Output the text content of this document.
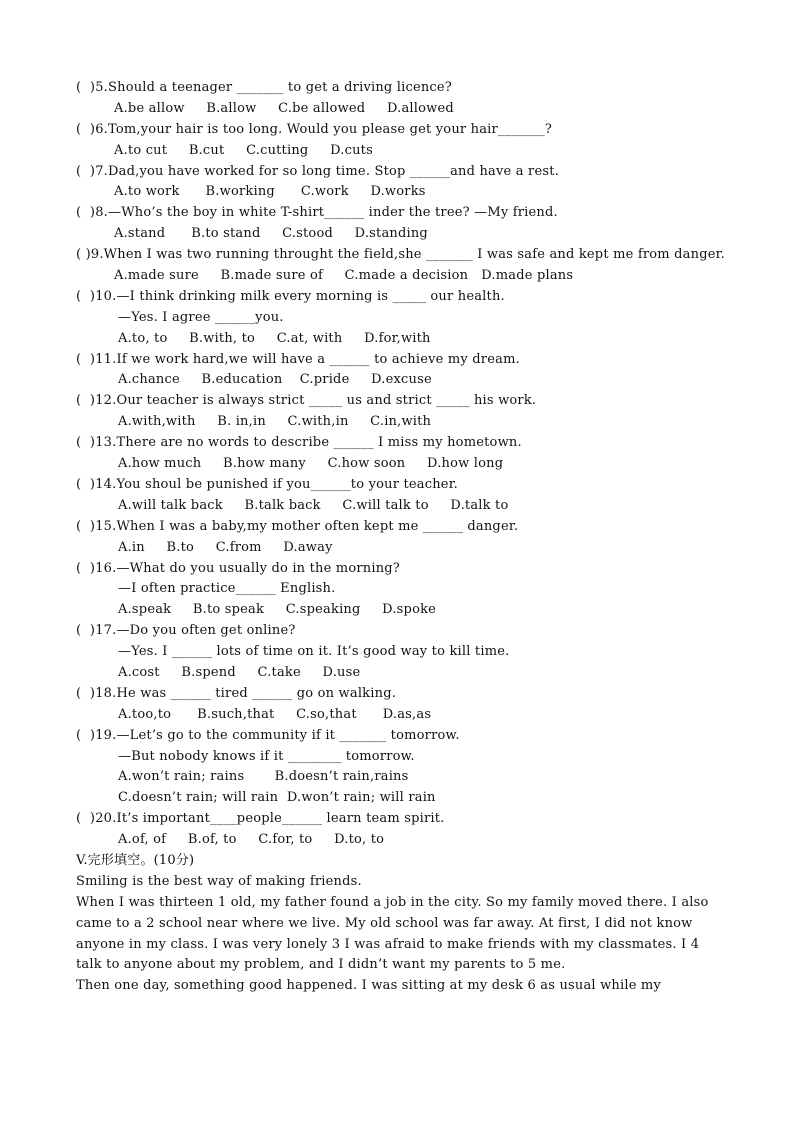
(  )5.Should a teenager _______ to get a driving licence?
A.be allow     B.allow     C.be allowed     D.allowed
(  )6.Tom,your hair is too long. Would you please get your hair_______?
A.to cut     B.cut     C.cutting     D.cuts
(  )7.Dad,you have worked for so long time. Stop ______and have a rest.
A.to work      B.working      C.work     D.works
(  )8.—Who’s the boy in white T-shirt______ inder the tree? —My friend.
A.stand      B.to stand     C.stood     D.standing
( )9.When I was two running throught the field,she _______ I was safe and kept me from danger.
A.made sure     B.made sure of     C.made a decision   D.made plans
(  )10.—I think drinking milk every morning is _____ our health.
—Yes. I agree ______you.
A.to, to     B.with, to     C.at, with     D.for,with
(  )11.If we work hard,we will have a ______ to achieve my dream.
A.chance     B.education    C.pride     D.excuse
(  )12.Our teacher is always strict _____ us and strict _____ his work.
A.with,with     B. in,in     C.with,in     C.in,with
(  )13.There are no words to describe ______ I miss my hometown.
A.how much     B.how many     C.how soon     D.how long
(  )14.You shoul be punished if you______to your teacher.
A.will talk back     B.talk back     C.will talk to     D.talk to
(  )15.When I was a baby,my mother often kept me ______ danger.
A.in     B.to     C.from     D.away
(  )16.—What do you usually do in the morning?
—I often practice______ English.
A.speak     B.to speak     C.speaking     D.spoke
(  )17.—Do you often get online?
—Yes. I ______ lots of time on it. It’s good way to kill time.
A.cost     B.spend     C.take     D.use
(  )18.He was ______ tired ______ go on walking.
A.too,to      B.such,that     C.so,that      D.as,as
(  )19.—Let’s go to the community if it _______ tomorrow.
—But nobody knows if it ________ tomorrow.
A.won’t rain; rains       B.doesn’t rain,rains
C.doesn’t rain; will rain  D.won’t rain; will rain
(  )20.It’s important____people______ learn team spirit.
A.of, of     B.of, to     C.for, to     D.to, to
V.完形填空。(10分)
Smiling is the best way of making friends.
When I was thirteen 1 old, my father found a job in the city. So my family moved there. I also came to a 2 school near where we live. My old school was far away. At first, I did not know anyone in my class. I was very lonely 3 I was afraid to make friends with my classmates. I 4 talk to anyone about my problem, and I didn’t want my parents to 5 me.
Then one day, something good happened. I was sitting at my desk 6 as usual while my
